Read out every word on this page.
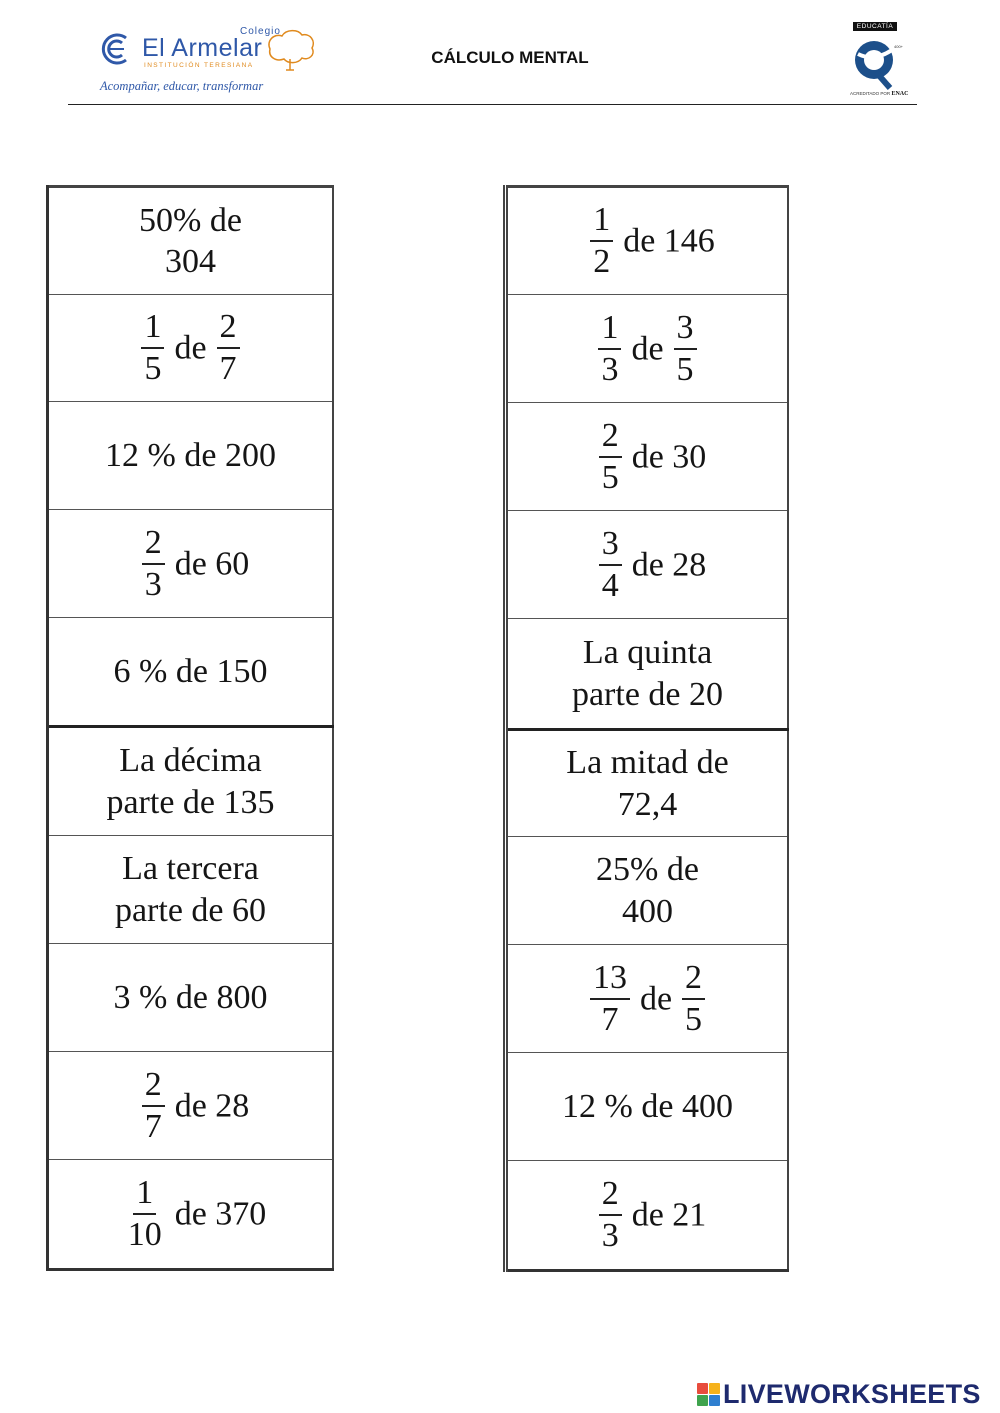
Colegio
El Armelar
INSTITUCIÓN TERESIANA
Acompañar, educar, transformar
CÁLCULO MENTAL
EDUCATÍA
400+
ACREDITADO POR ENAC
50% de
304

$\frac{1}{5}$ de $\frac{2}{7}$

12 % de 200

$\frac{2}{3}$ de 60

6 % de 150

La décima
parte de 135

La tercera
parte de 60

3 % de 800

$\frac{2}{7}$ de 28

$\frac{1}{10}$ de 370
$\frac{1}{2}$ de 146

$\frac{1}{3}$ de $\frac{3}{5}$

$\frac{2}{5}$ de 30

$\frac{3}{4}$ de 28

La quinta
parte de 20

La mitad de
72,4

25% de
400

$\frac{13}{7}$ de $\frac{2}{5}$

12 % de 400

$\frac{2}{3}$ de 21
LIVEWORKSHEETS
